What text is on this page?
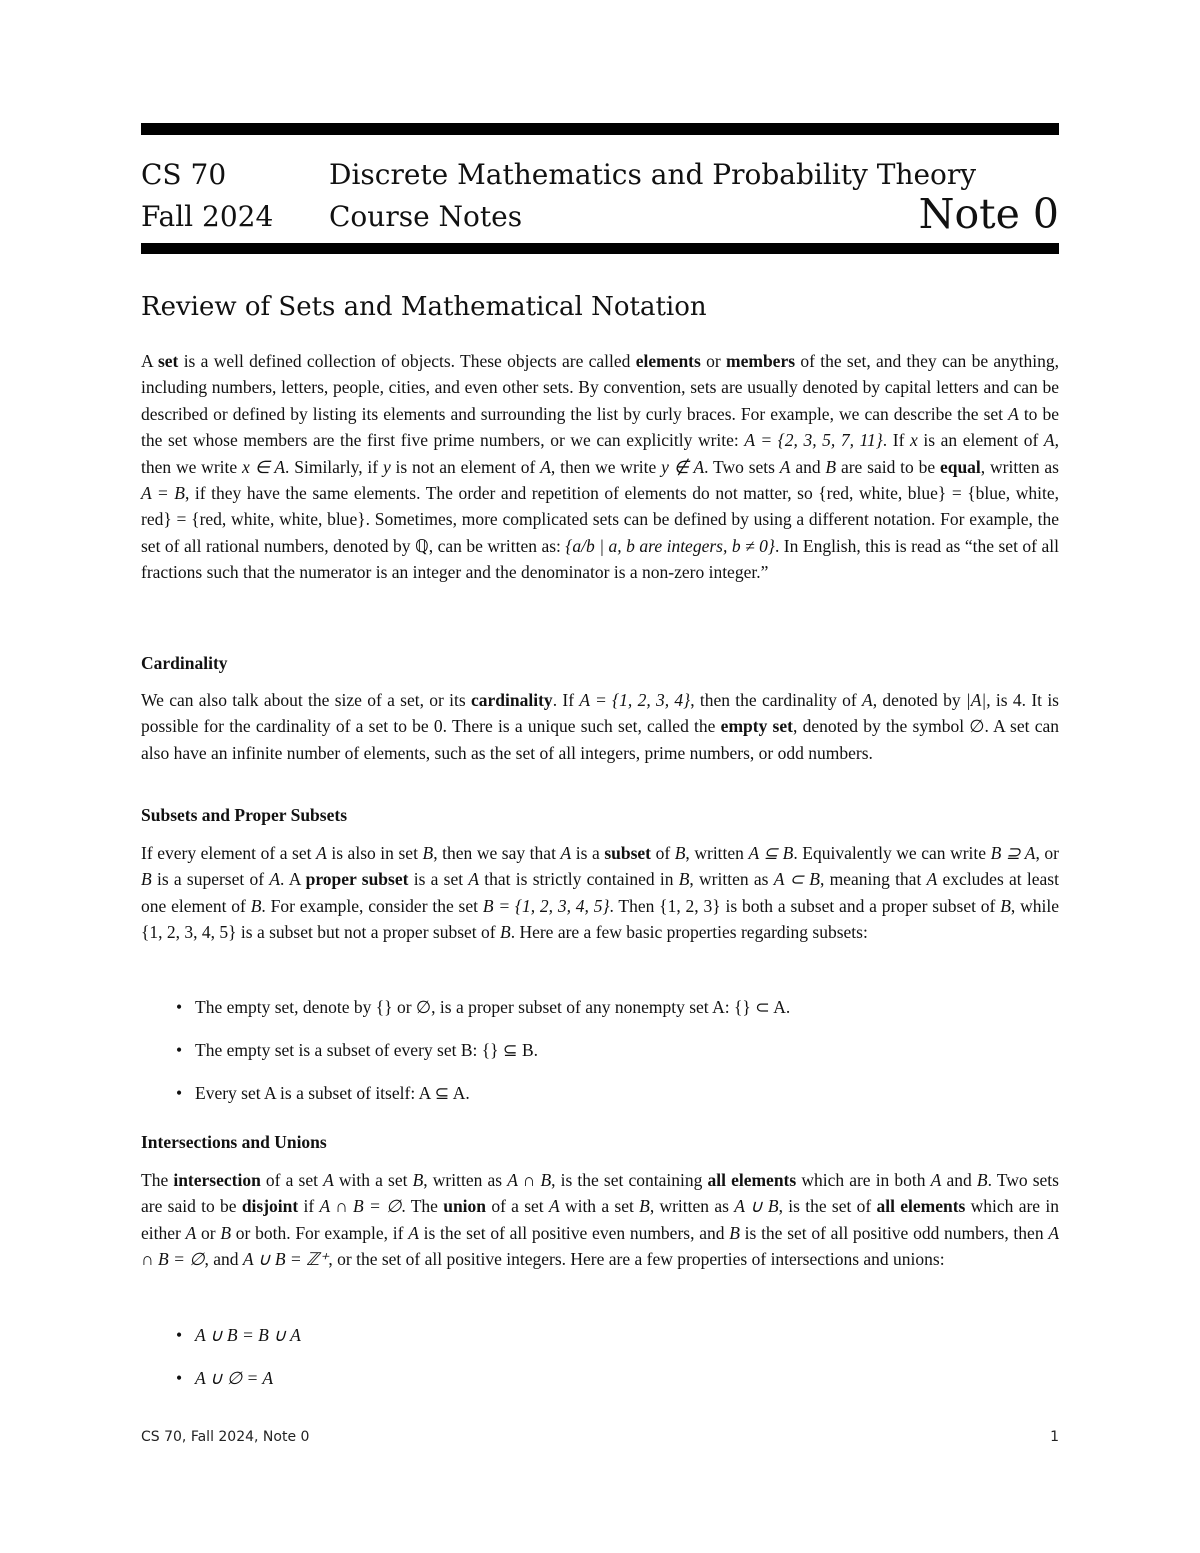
CS 70
Fall 2024
Discrete Mathematics and Probability Theory
Course Notes	Note 0
Review of Sets and Mathematical Notation

A set is a well defined collection of objects. These objects are called elements or members of the set, and they can be anything, including numbers, letters, people, cities, and even other sets. By convention, sets are usually denoted by capital letters and can be described or defined by listing its elements and surrounding the list by curly braces. For example, we can describe the set A to be the set whose members are the first five prime numbers, or we can explicitly write: A = {2, 3, 5, 7, 11}. If x is an element of A, then we write x ∈ A. Similarly, if y is not an element of A, then we write y ∉ A. Two sets A and B are said to be equal, written as A = B, if they have the same elements. The order and repetition of elements do not matter, so {red, white, blue} = {blue, white, red} = {red, white, white, blue}. Sometimes, more complicated sets can be defined by using a different notation. For example, the set of all rational numbers, denoted by ℚ, can be written as: {a/b | a, b are integers, b ≠ 0}. In English, this is read as “the set of all fractions such that the numerator is an integer and the denominator is a non-zero integer.”

Cardinality

We can also talk about the size of a set, or its cardinality. If A = {1, 2, 3, 4}, then the cardinality of A, denoted by |A|, is 4. It is possible for the cardinality of a set to be 0. There is a unique such set, called the empty set, denoted by the symbol ∅. A set can also have an infinite number of elements, such as the set of all integers, prime numbers, or odd numbers.

Subsets and Proper Subsets

If every element of a set A is also in set B, then we say that A is a subset of B, written A ⊆ B. Equivalently we can write B ⊇ A, or B is a superset of A. A proper subset is a set A that is strictly contained in B, written as A ⊂ B, meaning that A excludes at least one element of B. For example, consider the set B = {1, 2, 3, 4, 5}. Then {1, 2, 3} is both a subset and a proper subset of B, while {1, 2, 3, 4, 5} is a subset but not a proper subset of B. Here are a few basic properties regarding subsets:

• The empty set, denote by {} or ∅, is a proper subset of any nonempty set A: {} ⊂ A.
• The empty set is a subset of every set B: {} ⊆ B.
• Every set A is a subset of itself: A ⊆ A.
Intersections and Unions

The intersection of a set A with a set B, written as A ∩ B, is the set containing all elements which are in both A and B. Two sets are said to be disjoint if A ∩ B = ∅. The union of a set A with a set B, written as A ∪ B, is the set of all elements which are in either A or B or both. For example, if A is the set of all positive even numbers, and B is the set of all positive odd numbers, then A ∩ B = ∅, and A ∪ B = ℤ⁺, or the set of all positive integers. Here are a few properties of intersections and unions:

• A ∪ B = B ∪ A
• A ∪ ∅ = A
CS 70, Fall 2024, Note 0	1
